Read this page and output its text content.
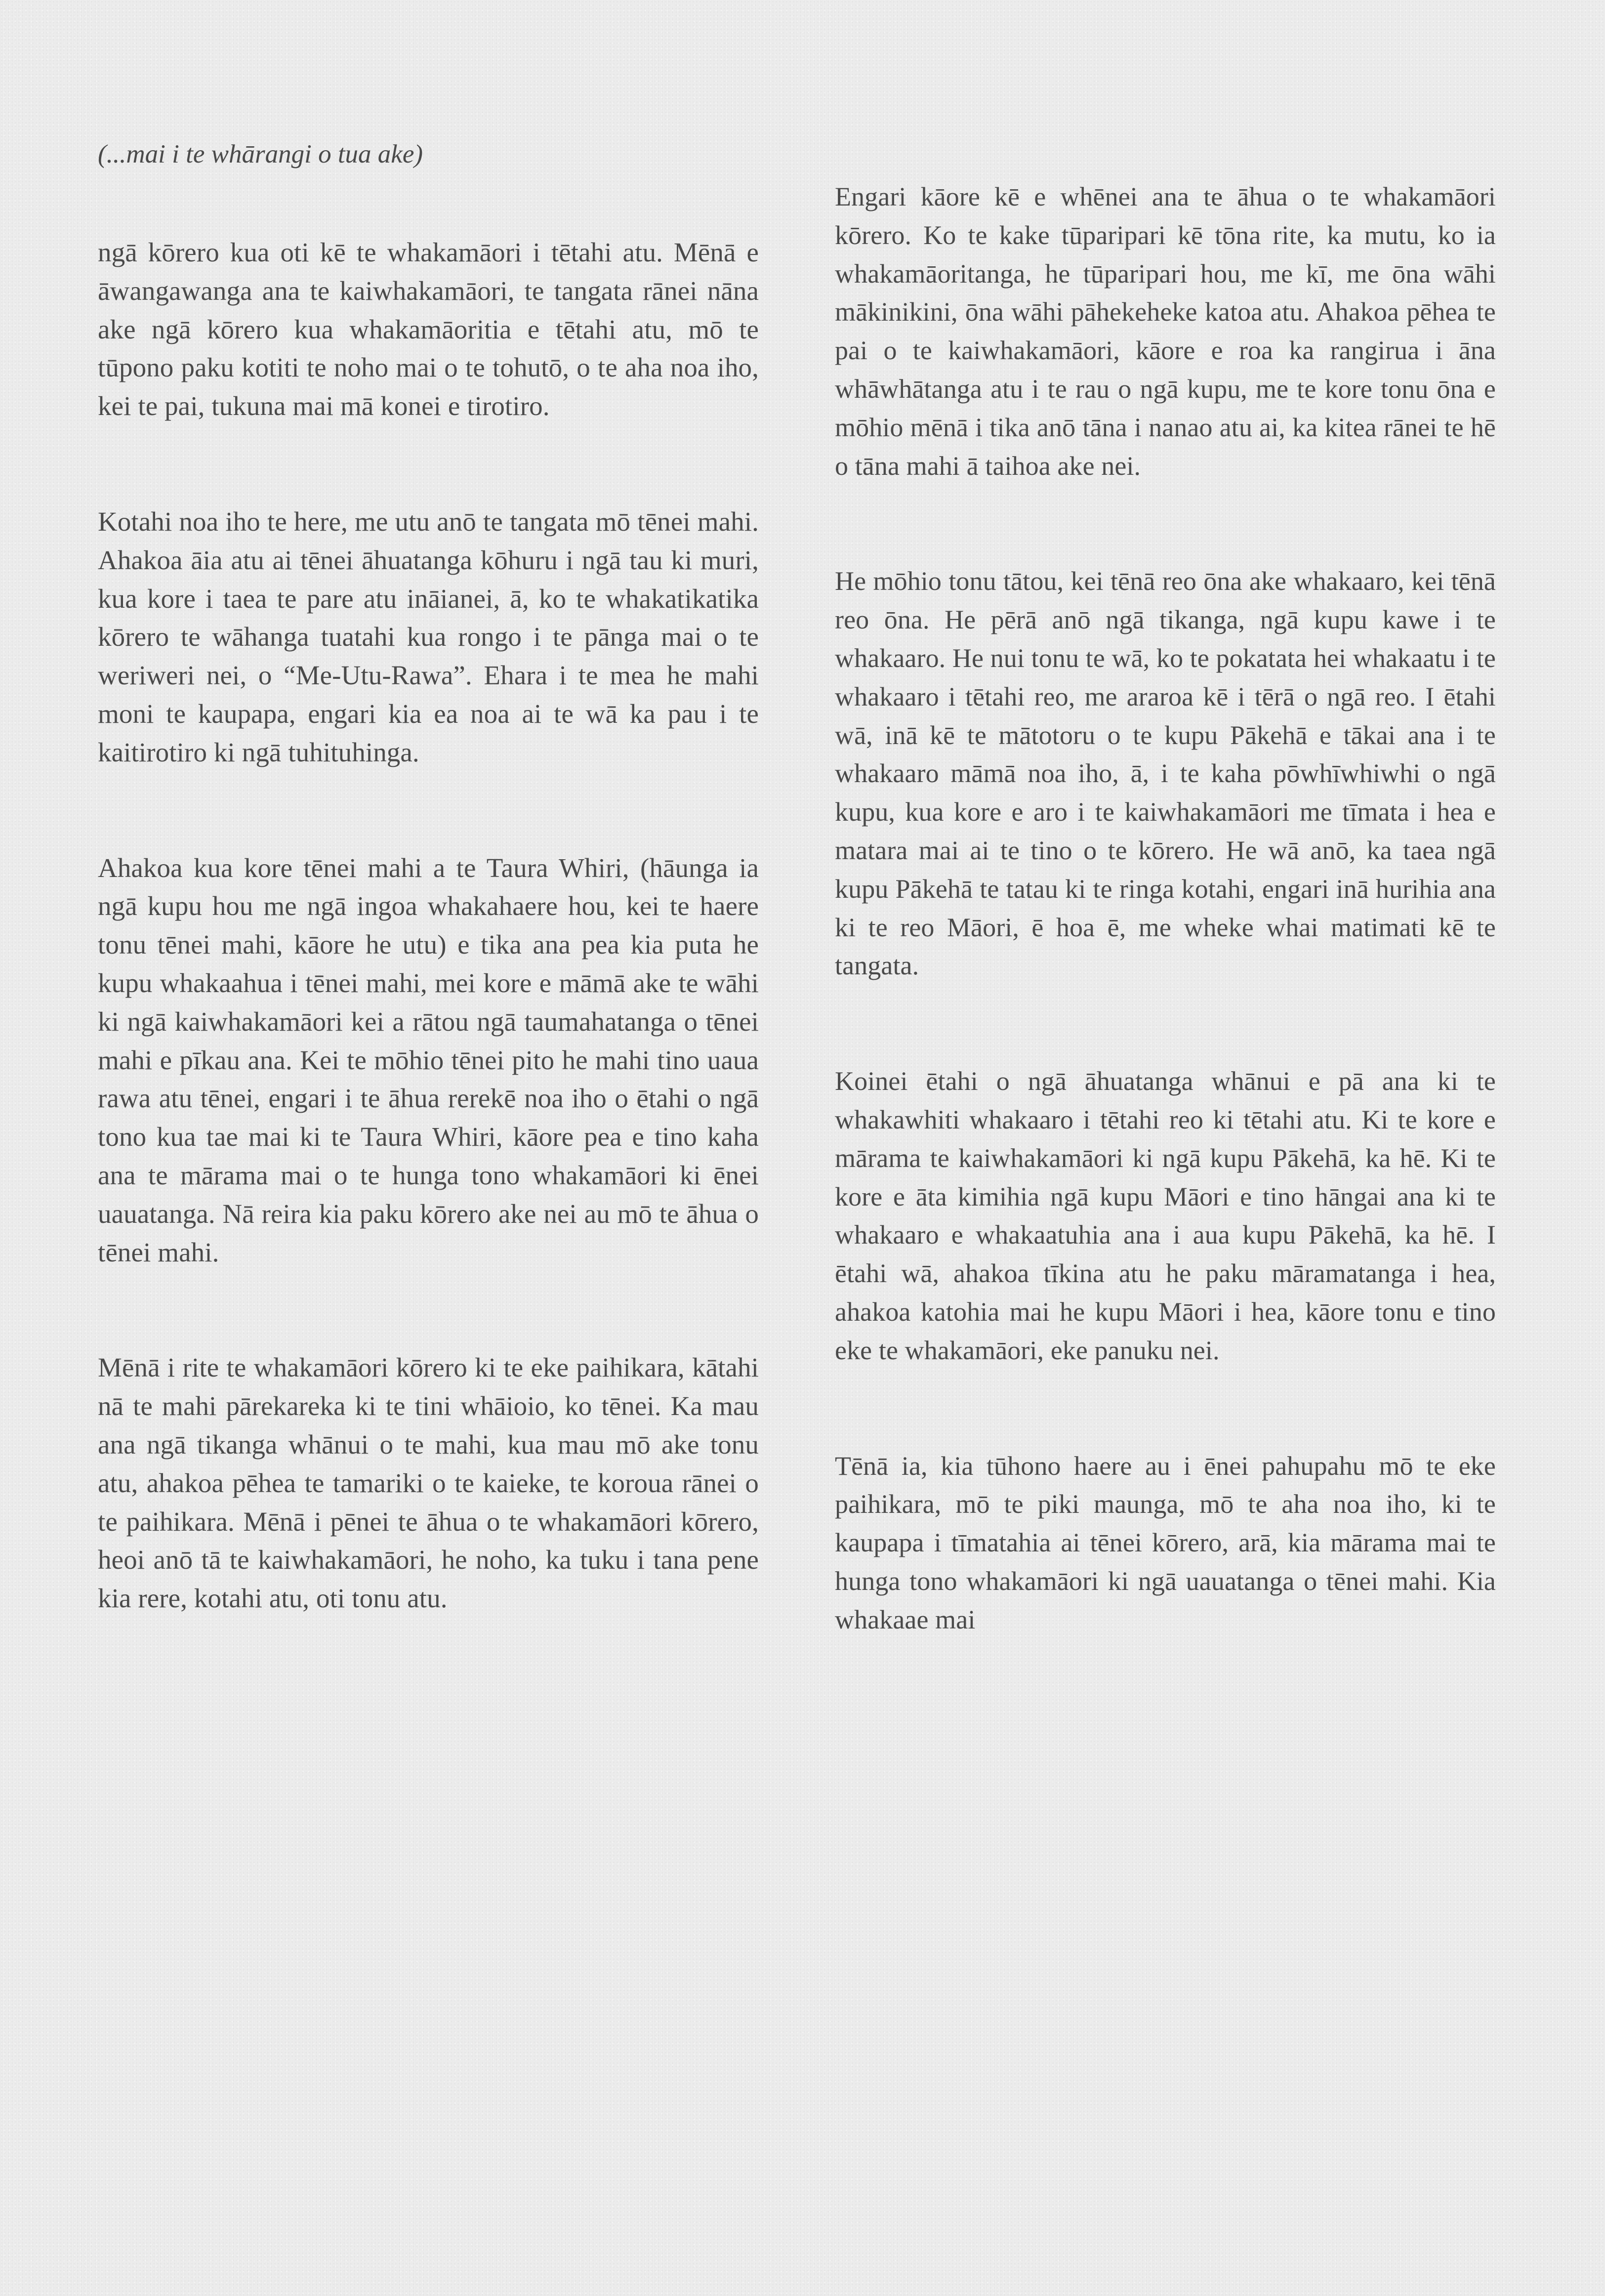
(...mai i te whārangi o tua ake)

ngā kōrero kua oti kē te whakamāori i tētahi atu. Mēnā e āwangawanga ana te kaiwhakamāori, te tangata rānei nāna ake ngā kōrero kua whakamāoritia e tētahi atu, mō te tūpono paku kotiti te noho mai o te tohutō, o te aha noa iho, kei te pai, tukuna mai mā konei e tirotiro.

Kotahi noa iho te here, me utu anō te tangata mō tēnei mahi. Ahakoa āia atu ai tēnei āhuatanga kōhuru i ngā tau ki muri, kua kore i taea te pare atu ināianei, ā, ko te whakatikatika kōrero te wāhanga tuatahi kua rongo i te pānga mai o te weriweri nei, o “Me-Utu-Rawa”. Ehara i te mea he mahi moni te kaupapa, engari kia ea noa ai te wā ka pau i te kaitirotiro ki ngā tuhituhinga.

Ahakoa kua kore tēnei mahi a te Taura Whiri, (hāunga ia ngā kupu hou me ngā ingoa whakahaere hou, kei te haere tonu tēnei mahi, kāore he utu) e tika ana pea kia puta he kupu whakaahua i tēnei mahi, mei kore e māmā ake te wāhi ki ngā kaiwhakamāori kei a rātou ngā taumahatanga o tēnei mahi e pīkau ana. Kei te mōhio tēnei pito he mahi tino uaua rawa atu tēnei, engari i te āhua rerekē noa iho o ētahi o ngā tono kua tae mai ki te Taura Whiri, kāore pea e tino kaha ana te mārama mai o te hunga tono whakamāori ki ēnei uauatanga. Nā reira kia paku kōrero ake nei au mō te āhua o tēnei mahi.

Mēnā i rite te whakamāori kōrero ki te eke paihikara, kātahi nā te mahi pārekareka ki te tini whāioio, ko tēnei. Ka mau ana ngā tikanga whānui o te mahi, kua mau mō ake tonu atu, ahakoa pēhea te tamariki o te kaieke, te koroua rānei o te paihikara. Mēnā i pēnei te āhua o te whakamāori kōrero, heoi anō tā te kaiwhakamāori, he noho, ka tuku i tana pene kia rere, kotahi atu, oti tonu atu.

Engari kāore kē e whēnei ana te āhua o te whakamāori kōrero. Ko te kake tūparipari kē tōna rite, ka mutu, ko ia whakamāoritanga, he tūparipari hou, me kī, me ōna wāhi mākinikini, ōna wāhi pāhekeheke katoa atu. Ahakoa pēhea te pai o te kaiwhakamāori, kāore e roa ka rangirua i āna whāwhātanga atu i te rau o ngā kupu, me te kore tonu ōna e mōhio mēnā i tika anō tāna i nanao atu ai, ka kitea rānei te hē o tāna mahi ā taihoa ake nei.

He mōhio tonu tātou, kei tēnā reo ōna ake whakaaro, kei tēnā reo ōna. He pērā anō ngā tikanga, ngā kupu kawe i te whakaaro. He nui tonu te wā, ko te pokatata hei whakaatu i te whakaaro i tētahi reo, me araroa kē i tērā o ngā reo. I ētahi wā, inā kē te mātotoru o te kupu Pākehā e tākai ana i te whakaaro māmā noa iho, ā, i te kaha pōwhīwhiwhi o ngā kupu, kua kore e aro i te kaiwhakamāori me tīmata i hea e matara mai ai te tino o te kōrero. He wā anō, ka taea ngā kupu Pākehā te tatau ki te ringa kotahi, engari inā hurihia ana ki te reo Māori, ē hoa ē, me wheke whai matimati kē te tangata.

Koinei ētahi o ngā āhuatanga whānui e pā ana ki te whakawhiti whakaaro i tētahi reo ki tētahi atu. Ki te kore e mārama te kaiwhakamāori ki ngā kupu Pākehā, ka hē. Ki te kore e āta kimihia ngā kupu Māori e tino hāngai ana ki te whakaaro e whakaatuhia ana i aua kupu Pākehā, ka hē. I ētahi wā, ahakoa tīkina atu he paku māramatanga i hea, ahakoa katohia mai he kupu Māori i hea, kāore tonu e tino eke te whakamāori, eke panuku nei.

Tēnā ia, kia tūhono haere au i ēnei pahupahu mō te eke paihikara, mō te piki maunga, mō te aha noa iho, ki te kaupapa i tīmatahia ai tēnei kōrero, arā, kia mārama mai te hunga tono whakamāori ki ngā uauatanga o tēnei mahi. Kia whakaae mai
